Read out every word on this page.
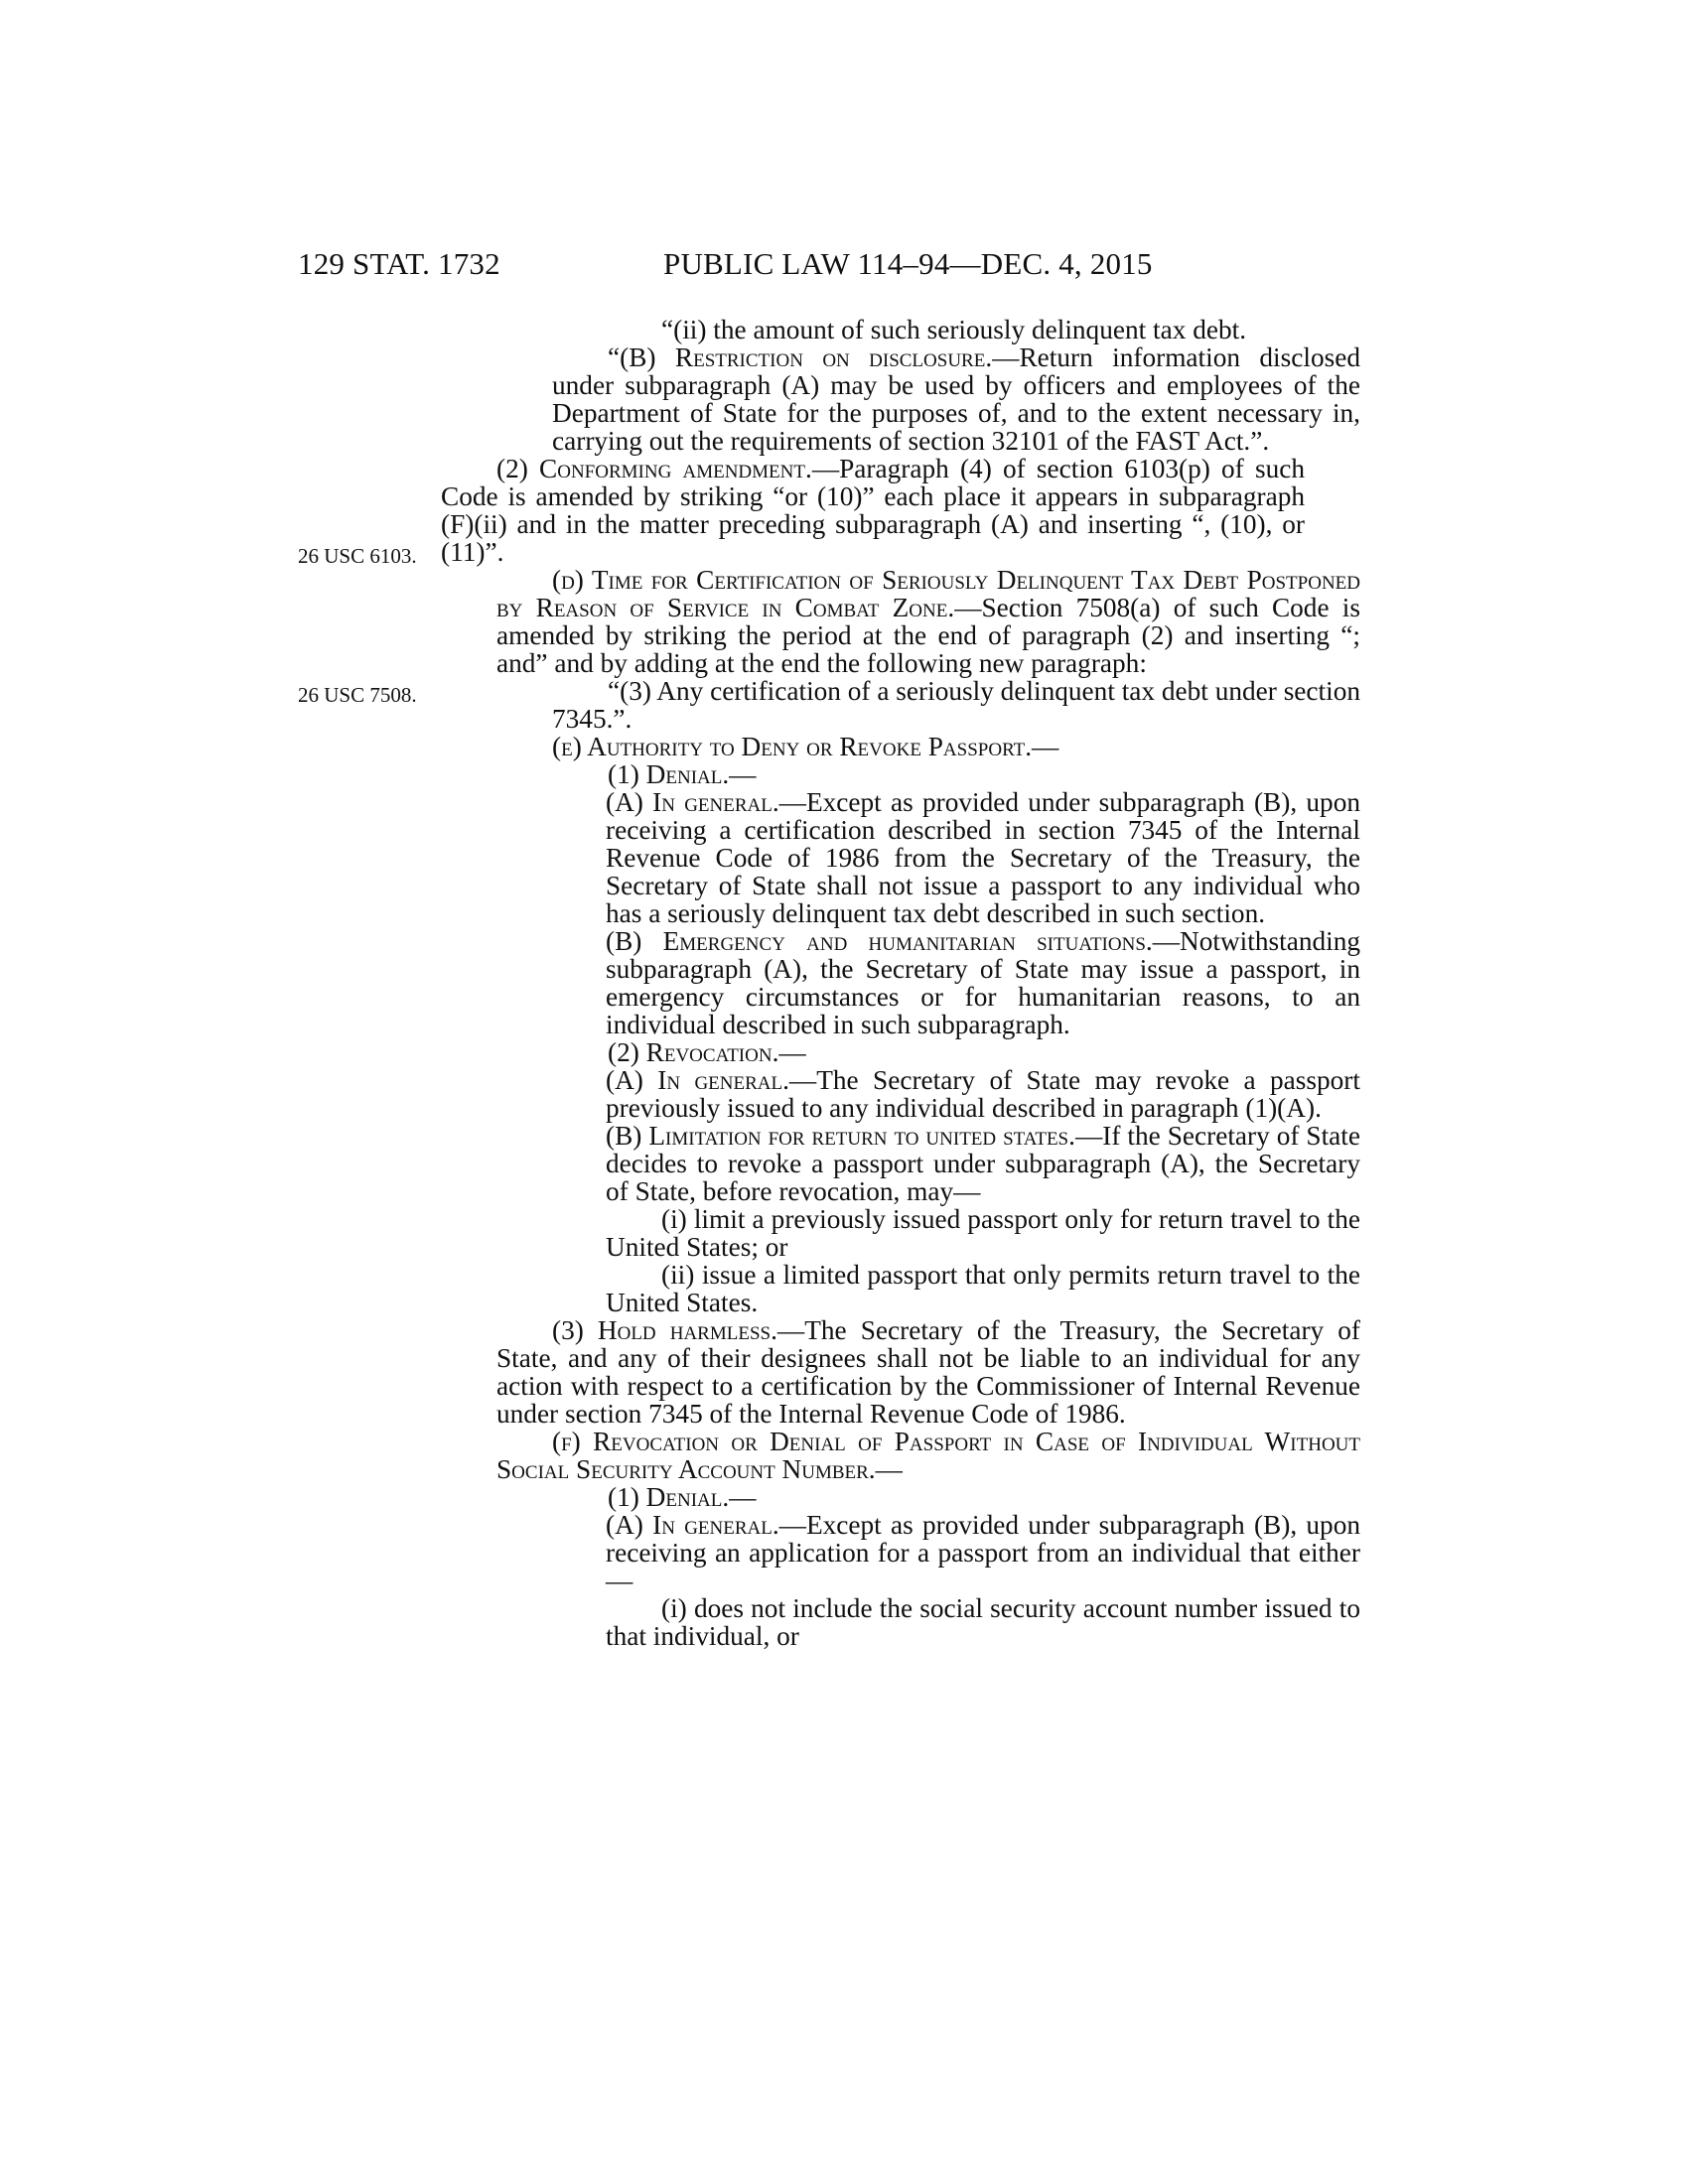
129 STAT. 1732	PUBLIC LAW 114–94—DEC. 4, 2015
26 USC 6103.
26 USC 7508.

“(ii) the amount of such seriously delinquent tax debt.

“(B) Restriction on disclosure.—Return information disclosed under subparagraph (A) may be used by officers and employees of the Department of State for the purposes of, and to the extent necessary in, carrying out the requirements of section 32101 of the FAST Act.”.

(2) Conforming amendment.—Paragraph (4) of section 6103(p) of such Code is amended by striking “or (10)” each place it appears in subparagraph (F)(ii) and in the matter preceding subparagraph (A) and inserting “, (10), or (11)”.

(d) Time for Certification of Seriously Delinquent Tax Debt Postponed by Reason of Service in Combat Zone.—Section 7508(a) of such Code is amended by striking the period at the end of paragraph (2) and inserting “; and” and by adding at the end the following new paragraph:

“(3) Any certification of a seriously delinquent tax debt under section 7345.”.

(e) Authority to Deny or Revoke Passport.—

(1) Denial.—

(A) In general.—Except as provided under subparagraph (B), upon receiving a certification described in section 7345 of the Internal Revenue Code of 1986 from the Secretary of the Treasury, the Secretary of State shall not issue a passport to any individual who has a seriously delinquent tax debt described in such section.

(B) Emergency and humanitarian situations.—Notwithstanding subparagraph (A), the Secretary of State may issue a passport, in emergency circumstances or for humanitarian reasons, to an individual described in such subparagraph.

(2) Revocation.—

(A) In general.—The Secretary of State may revoke a passport previously issued to any individual described in paragraph (1)(A).

(B) Limitation for return to united states.—If the Secretary of State decides to revoke a passport under subparagraph (A), the Secretary of State, before revocation, may—

(i) limit a previously issued passport only for return travel to the United States; or

(ii) issue a limited passport that only permits return travel to the United States.

(3) Hold harmless.—The Secretary of the Treasury, the Secretary of State, and any of their designees shall not be liable to an individual for any action with respect to a certification by the Commissioner of Internal Revenue under section 7345 of the Internal Revenue Code of 1986.

(f) Revocation or Denial of Passport in Case of Individual Without Social Security Account Number.—

(1) Denial.—

(A) In general.—Except as provided under subparagraph (B), upon receiving an application for a passport from an individual that either—

(i) does not include the social security account number issued to that individual, or
